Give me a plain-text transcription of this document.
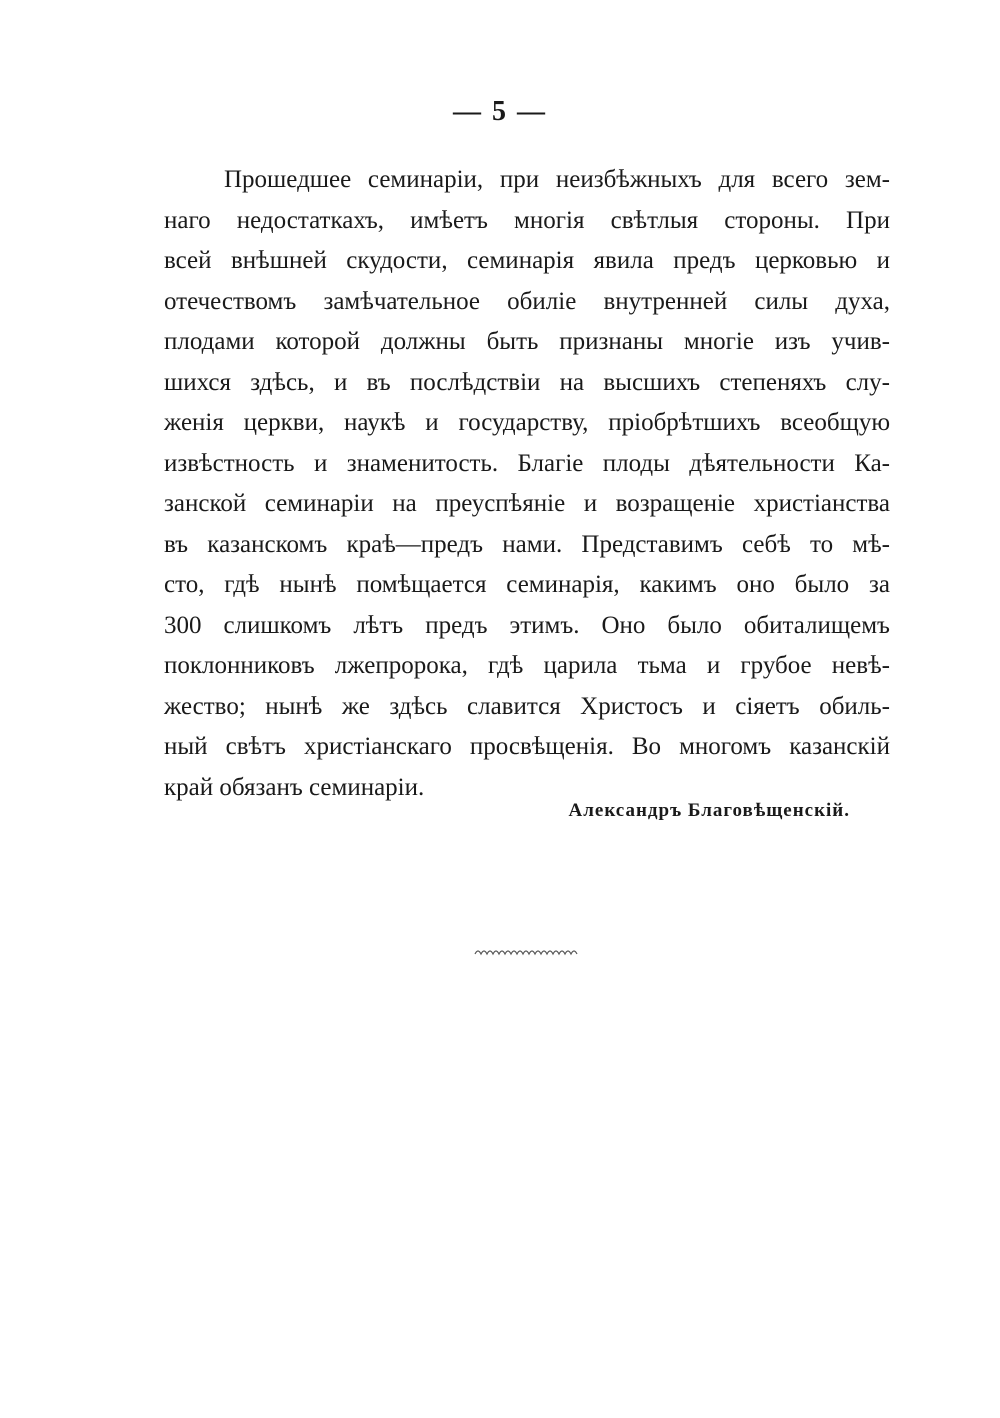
— 5 —
Прошедшее семинаріи, при неизбѣжныхъ для всего зем-
наго недостаткахъ, имѣетъ многія свѣтлыя стороны. При
всей внѣшней скудости, семинарія явила предъ церковью и
отечествомъ замѣчательное обиліе внутренней силы духа,
плодами которой должны быть признаны многіе изъ учив-
шихся здѣсь, и въ послѣдствіи на высшихъ степеняхъ слу-
женія церкви, наукѣ и государству, пріобрѣтшихъ всеобщую
извѣстность и знаменитость. Благіе плоды дѣятельности Ка-
занской семинаріи на преуспѣяніе и возращеніе христіанства
въ казанскомъ краѣ—предъ нами. Представимъ себѣ то мѣ-
сто, гдѣ нынѣ помѣщается семинарія, какимъ оно было за
300 слишкомъ лѣтъ предъ этимъ. Оно было обиталищемъ
поклонниковъ лжепророка, гдѣ царила тьма и грубое невѣ-
жество; нынѣ же здѣсь славится Христосъ и сіяетъ обиль-
ный свѣтъ христіанскаго просвѣщенія. Во многомъ казанскій
край обязанъ семинаріи.
Александръ Благовѣщенскій.
